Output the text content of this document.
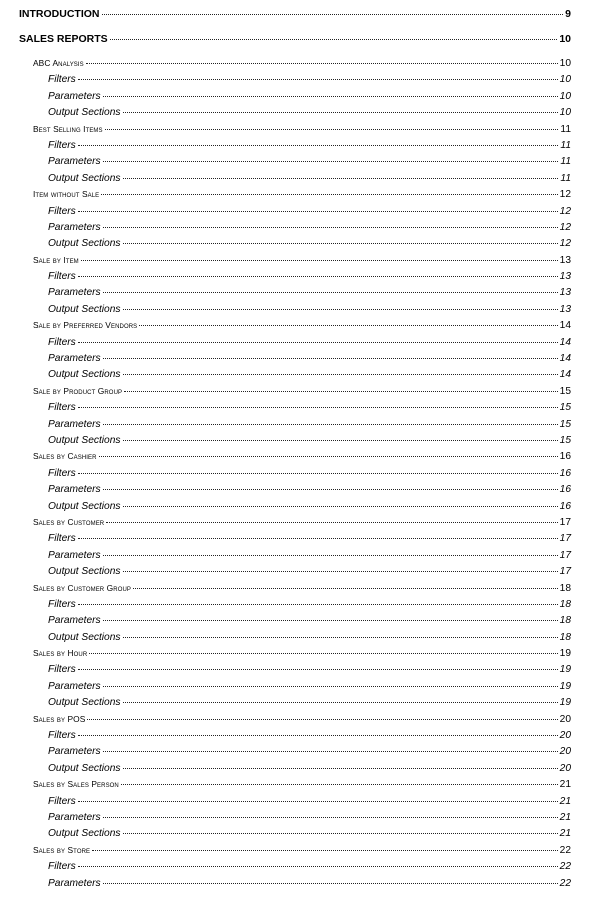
INTRODUCTION	9
SALES REPORTS	10
ABC Analysis	10
Filters	10
Parameters	10
Output Sections	10
Best Selling Items	11
Filters	11
Parameters	11
Output Sections	11
Item without Sale	12
Filters	12
Parameters	12
Output Sections	12
Sale by Item	13
Filters	13
Parameters	13
Output Sections	13
Sale by Preferred Vendors	14
Filters	14
Parameters	14
Output Sections	14
Sale by Product Group	15
Filters	15
Parameters	15
Output Sections	15
Sales by Cashier	16
Filters	16
Parameters	16
Output Sections	16
Sales by Customer	17
Filters	17
Parameters	17
Output Sections	17
Sales by Customer Group	18
Filters	18
Parameters	18
Output Sections	18
Sales by Hour	19
Filters	19
Parameters	19
Output Sections	19
Sales by POS	20
Filters	20
Parameters	20
Output Sections	20
Sales by Sales Person	21
Filters	21
Parameters	21
Output Sections	21
Sales by Store	22
Filters	22
Parameters	22
